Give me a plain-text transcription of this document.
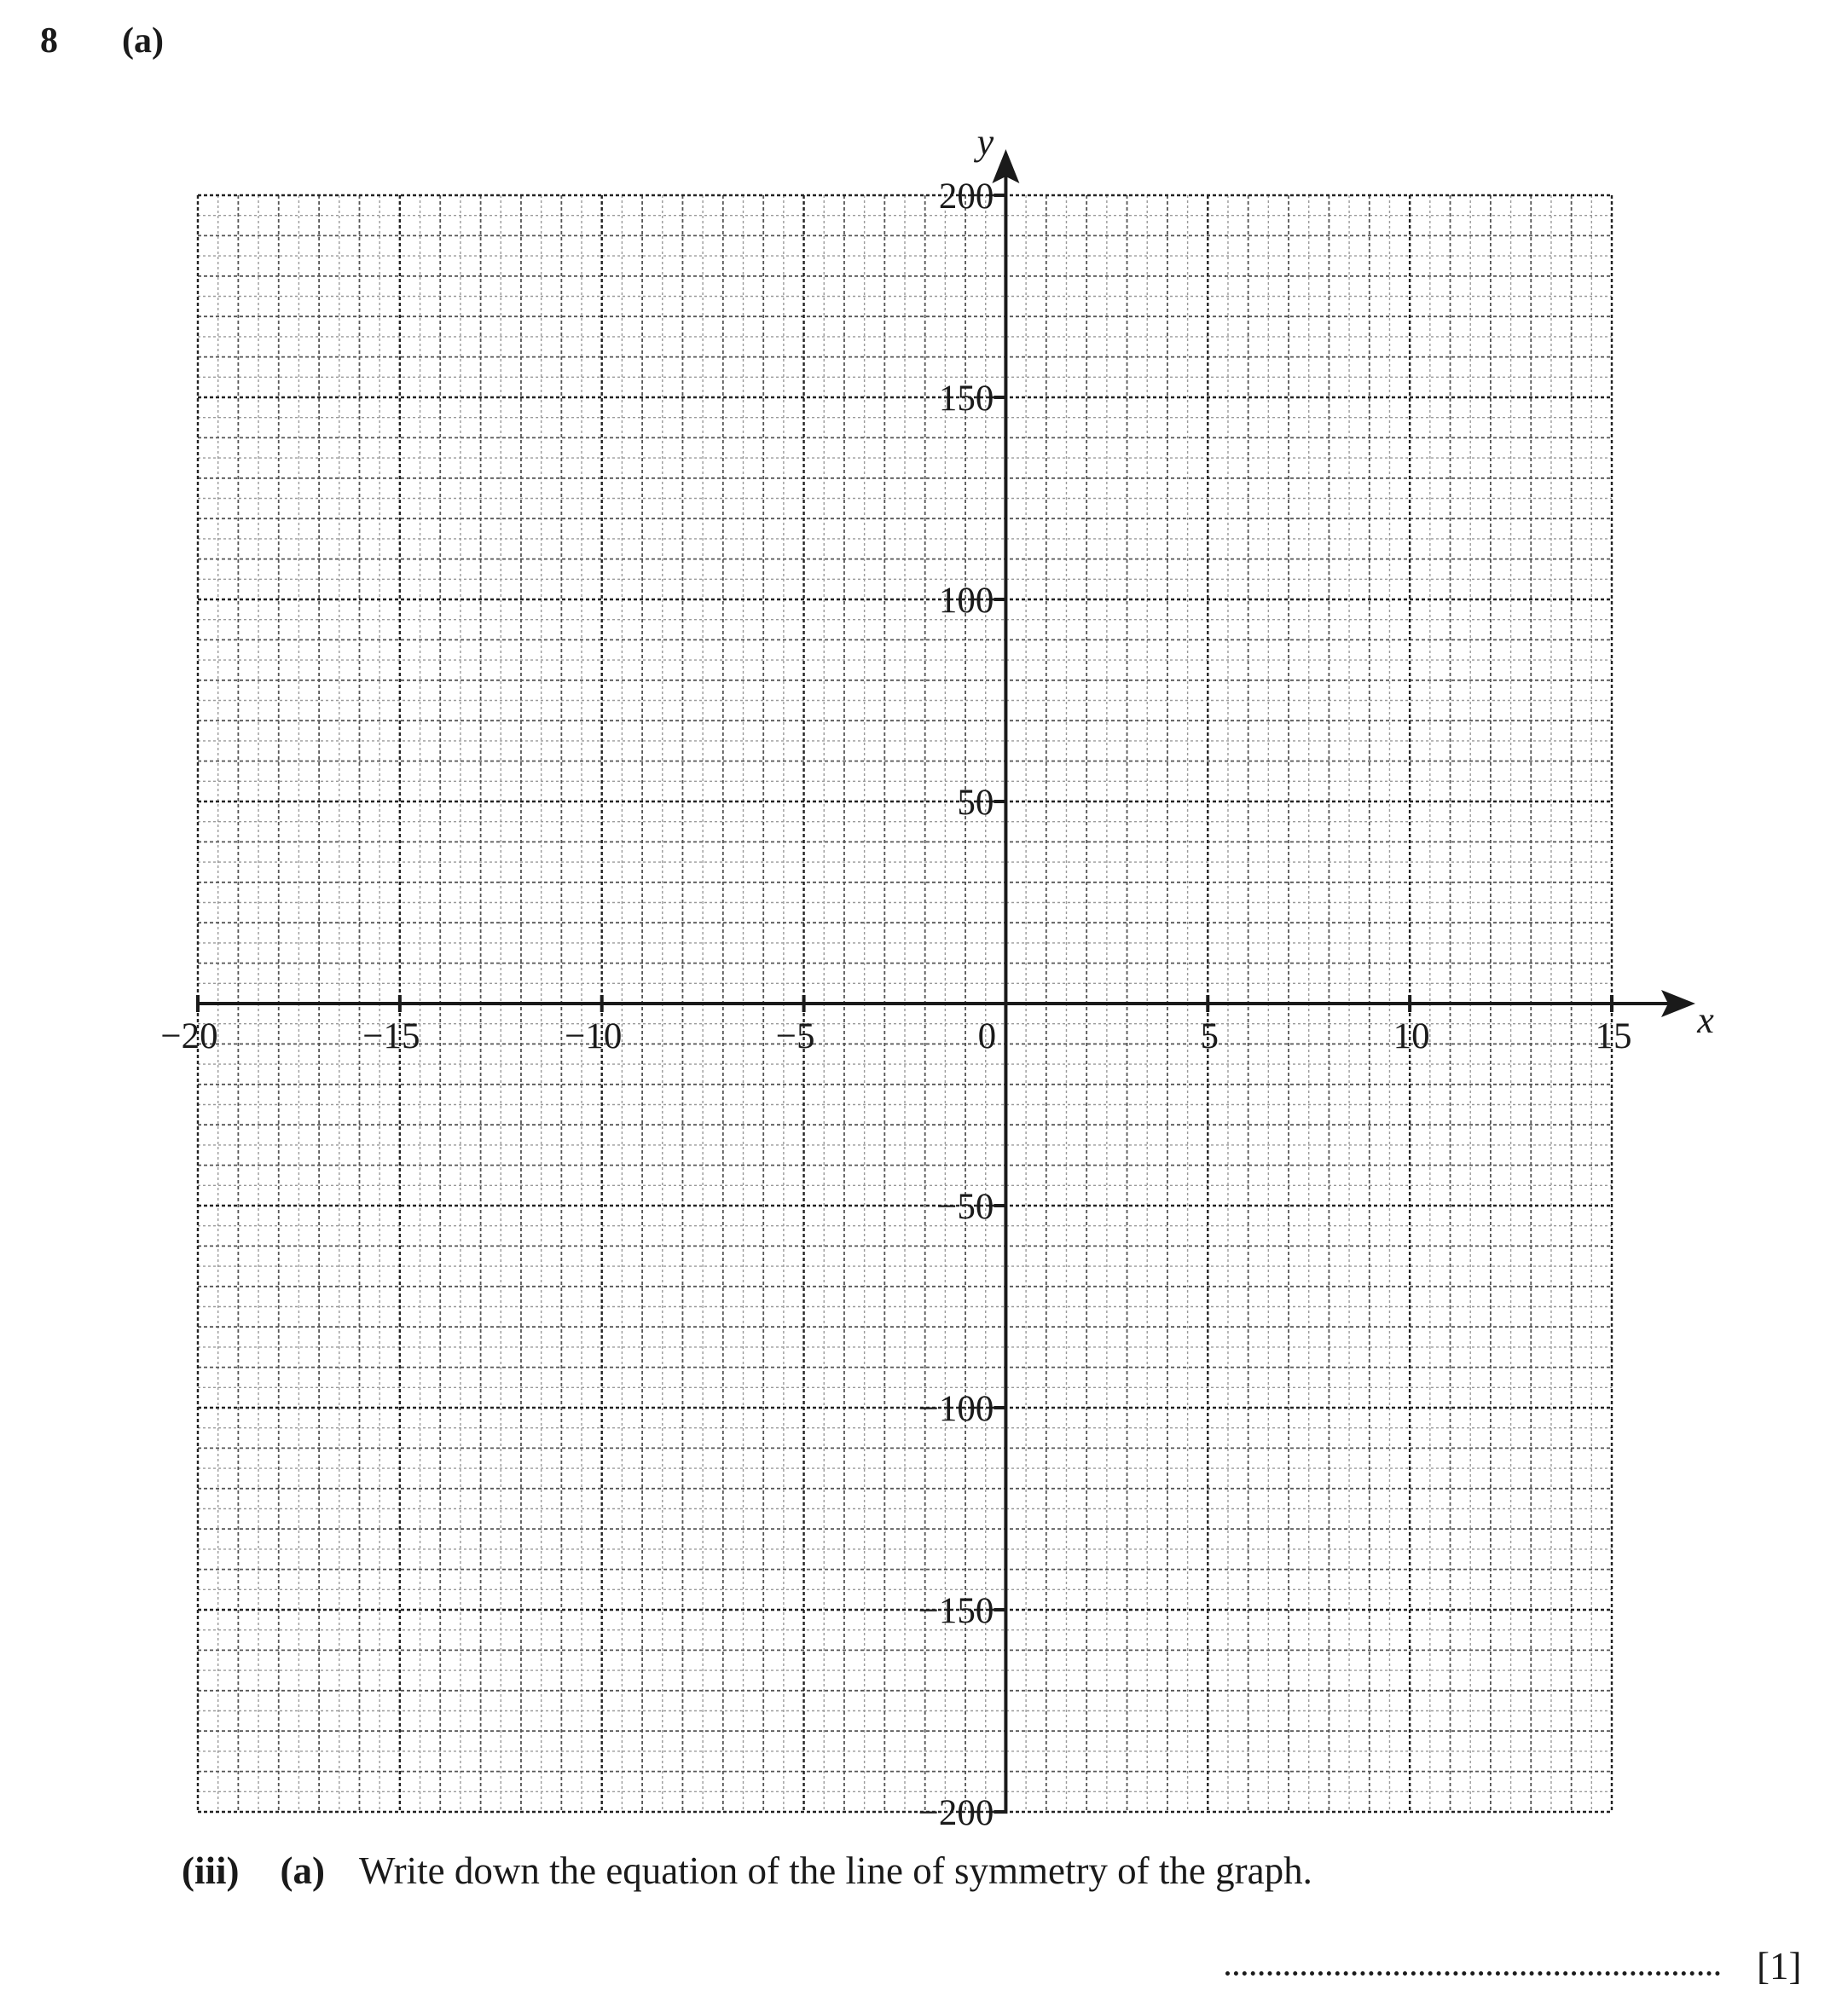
8 (a)
−20	−15	−10	−5	0	5	10	15
200
150
100
50
−50
−100
−150
−200
x
y
(iii) (a) Write down the equation of the line of symmetry of the graph.
[1]
